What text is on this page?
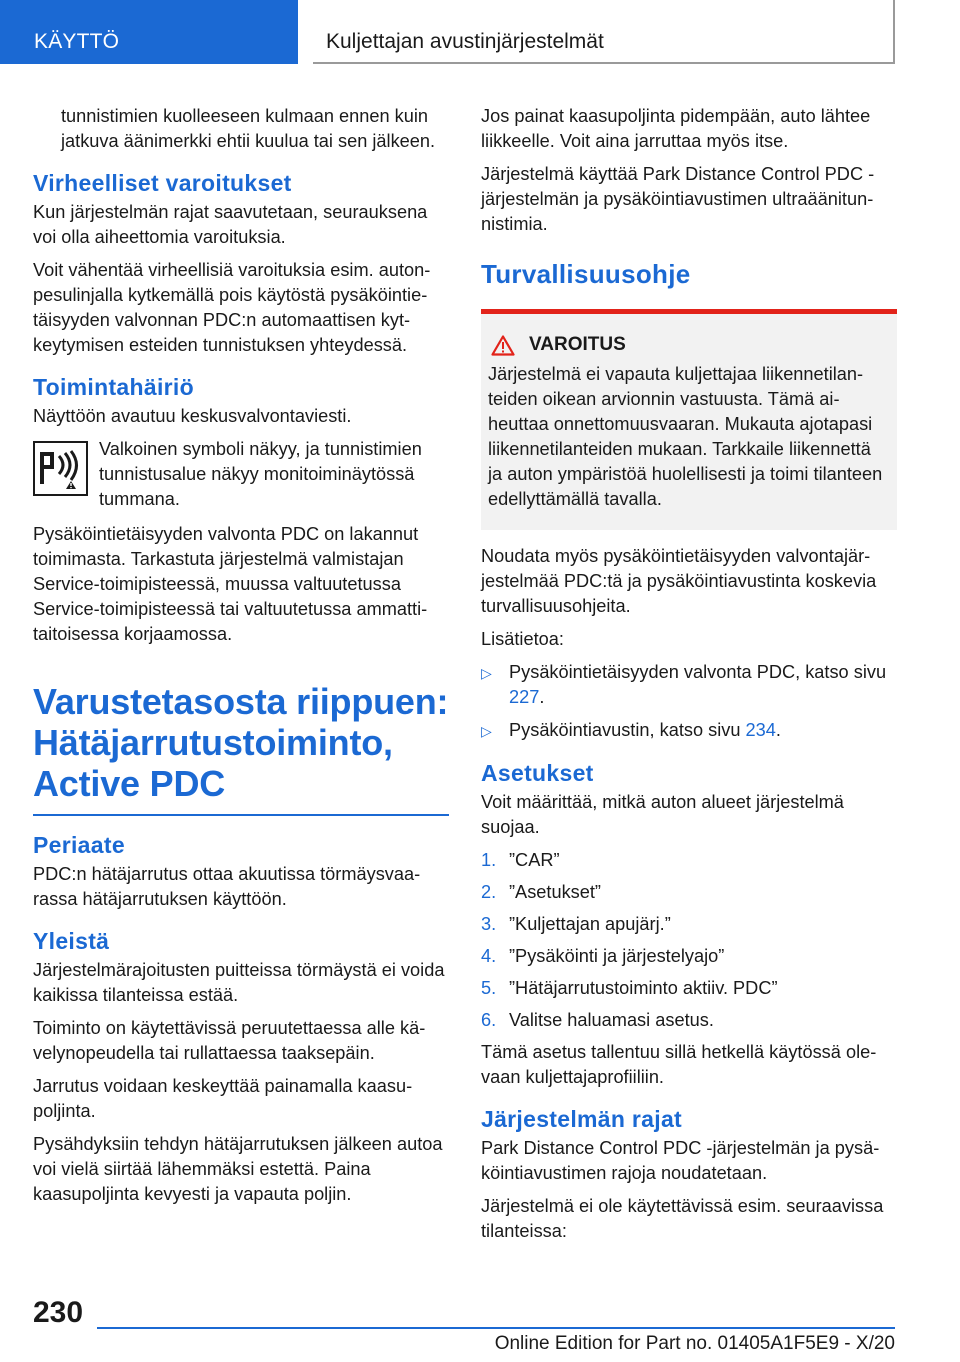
KÄYTTÖ	Kuljettajan avustinjärjestelmät

tunnistimien kuolleeseen kulmaan ennen kuin jatkuva äänimerkki ehtii kuulua tai sen jälkeen.

Virheelliset varoitukset

Kun järjestelmän rajat saavutetaan, seurauksena voi olla aiheettomia varoituksia.

Voit vähentää virheellisiä varoituksia esim. autonpesulinjalla kytkemällä pois käytöstä pysäköintietäisyyden valvonnan PDC:n automaattisen kytkeytymisen esteiden tunnistuksen yhteydessä.

Toimintahäiriö

Näyttöön avautuu keskusvalvontaviesti.

Valkoinen symboli näkyy, ja tunnistimien tunnistusalue näkyy monitoiminäytössä tummana.

Pysäköintietäisyyden valvonta PDC on lakannut toimimasta. Tarkastuta järjestelmä valmistajan Service-toimipisteessä, muussa valtuutetussa Service-toimipisteessä tai valtuutetussa ammattitaitoisessa korjaamossa.

Varustetasosta riippuen: Hätäjarrutustoiminto, Active PDC
Periaate

PDC:n hätäjarrutus ottaa akuutissa törmäysvaarassa hätäjarrutuksen käyttöön.

Yleistä

Järjestelmärajoitusten puitteissa törmäystä ei voida kaikissa tilanteissa estää.

Toiminto on käytettävissä peruutettaessa alle kävelynopeudella tai rullattaessa taaksepäin.

Jarrutus voidaan keskeyttää painamalla kaasupoljinta.

Pysähdyksiin tehdyn hätäjarrutuksen jälkeen autoa voi vielä siirtää lähemmäksi estettä. Paina kaasupoljinta kevyesti ja vapauta poljin.

Jos painat kaasupoljinta pidempään, auto lähtee liikkeelle. Voit aina jarruttaa myös itse.

Järjestelmä käyttää Park Distance Control PDC -järjestelmän ja pysäköintiavustimen ultraäänitunnistimia.

Turvallisuusohje
VAROITUS

Järjestelmä ei vapauta kuljettajaa liikennetilanteiden oikean arvionnin vastuusta. Tämä aiheuttaa onnettomuusvaaran. Mukauta ajotapasi liikennetilanteiden mukaan. Tarkkaile liikennettä ja auton ympäristöä huolellisesti ja toimi tilanteen edellyttämällä tavalla.

Noudata myös pysäköintietäisyyden valvontajärjestelmää PDC:tä ja pysäköintiavustinta koskevia turvallisuusohjeita.

Lisätietoa:

▷ Pysäköintietäisyyden valvonta PDC, katso sivu 227.
▷ Pysäköintiavustin, katso sivu 234.
Asetukset

Voit määrittää, mitkä auton alueet järjestelmä suojaa.

1. ”CAR”
2. ”Asetukset”
3. ”Kuljettajan apujärj.”
4. ”Pysäköinti ja järjestelyajo”
5. ”Hätäjarrutustoiminto aktiiv. PDC”
6. Valitse haluamasi asetus.

Tämä asetus tallentuu sillä hetkellä käytössä olevaan kuljettajaprofiiliin.

Järjestelmän rajat

Park Distance Control PDC -järjestelmän ja pysäköintiavustimen rajoja noudatetaan.

Järjestelmä ei ole käytettävissä esim. seuraavissa tilanteissa:

230
Online Edition for Part no. 01405A1F5E9 - X/20
